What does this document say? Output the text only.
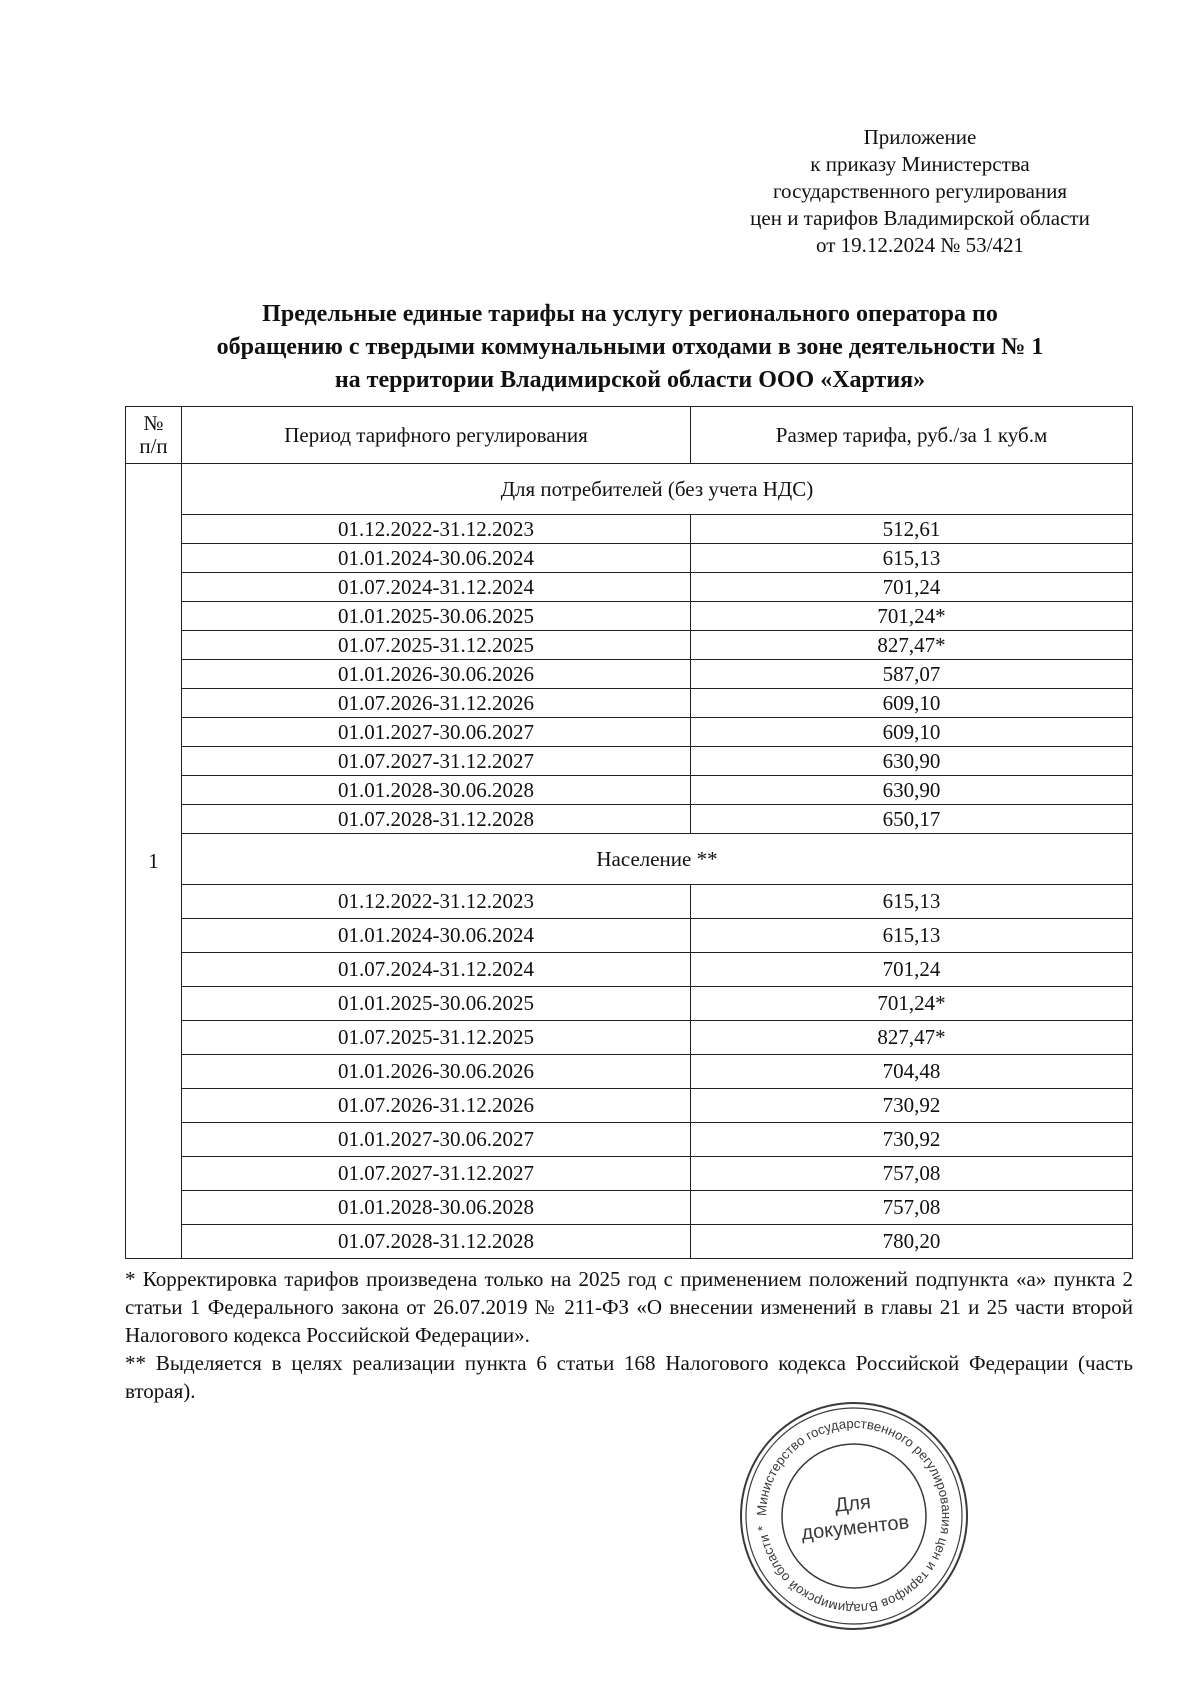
Приложение
к приказу Министерства
государственного регулирования
цен и тарифов Владимирской области
от 19.12.2024 № 53/421
Предельные единые тарифы на услугу регионального оператора по
обращению с твердыми коммунальными отходами в зоне деятельности № 1
на территории Владимирской области ООО «Хартия»
№
п/п	Период тарифного регулирования	Размер тарифа, руб./за 1 куб.м
1	Для потребителей (без учета НДС)	
	01.12.2022-31.12.2023	512,61
	01.01.2024-30.06.2024	615,13
	01.07.2024-31.12.2024	701,24
	01.01.2025-30.06.2025	701,24*
	01.07.2025-31.12.2025	827,47*
	01.01.2026-30.06.2026	587,07
	01.07.2026-31.12.2026	609,10
	01.01.2027-30.06.2027	609,10
	01.07.2027-31.12.2027	630,90
	01.01.2028-30.06.2028	630,90
	01.07.2028-31.12.2028	650,17
	Население **	
	01.12.2022-31.12.2023	615,13
	01.01.2024-30.06.2024	615,13
	01.07.2024-31.12.2024	701,24
	01.01.2025-30.06.2025	701,24*
	01.07.2025-31.12.2025	827,47*
	01.01.2026-30.06.2026	704,48
	01.07.2026-31.12.2026	730,92
	01.01.2027-30.06.2027	730,92
	01.07.2027-31.12.2027	757,08
	01.01.2028-30.06.2028	757,08
	01.07.2028-31.12.2028	780,20

* Корректировка тарифов произведена только на 2025 год с применением положений подпункта «а» пункта 2 статьи 1 Федерального закона от 26.07.2019 № 211-ФЗ «О внесении изменений в главы 21 и 25 части второй Налогового кодекса Российской Федерации».

** Выделяется в целях реализации пункта 6 статьи 168 Налогового кодекса Российской Федерации (часть вторая).

Министерство государственного регулирования цен и тарифов Владимирской области *
Для
документов
